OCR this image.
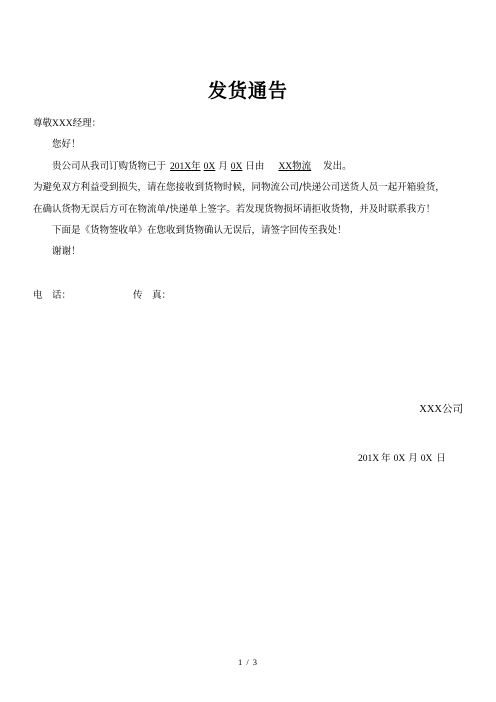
发货通告
尊敬XXX经理：
您好！
贵公司从我司订购货物已于 201X年 0X 月 0X 日由 XX物流 发出。
为避免双方利益受到损失，请在您接收到货物时候，同物流公司/快递公司送货人员一起开箱验货，
在确认货物无误后方可在物流单/快递单上签字。若发现货物损坏请拒收货物，并及时联系我方！
下面是《货物签收单》在您收到货物确认无误后，请签字回传至我处！
谢谢！
电　话：	传　真：
XXX公司
201X 年 0X 月 0X 日
1 / 3
